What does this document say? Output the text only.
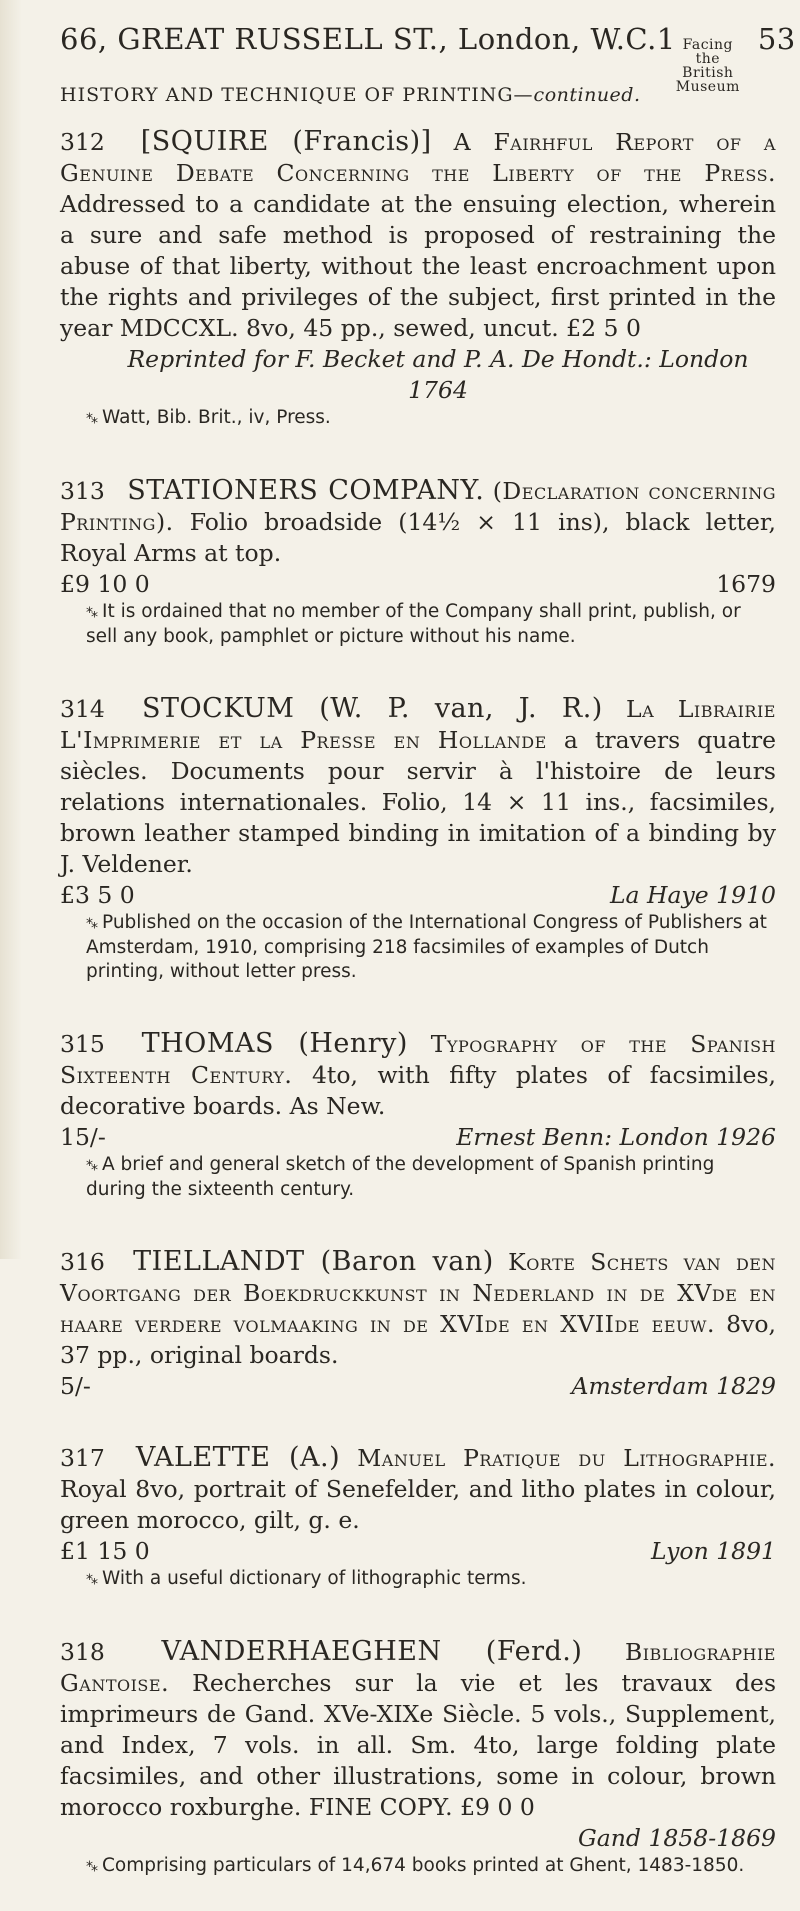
66, GREAT RUSSELL ST., London, W.C.1 Facing the
British Museum
53
HISTORY AND TECHNIQUE OF PRINTING—continued.

312 [SQUIRE (Francis)] A Fairhful Report of a Genuine Debate Concerning the Liberty of the Press. Addressed to a candidate at the ensuing election, wherein a sure and safe method is proposed of restraining the abuse of that liberty, without the least encroachment upon the rights and privileges of the subject, first printed in the year MDCCXL. 8vo, 45 pp., sewed, uncut. £2 5 0

Reprinted for F. Becket and P. A. De Hondt.: London 1764

*⁎ Watt, Bib. Brit., iv, Press.

313 STATIONERS COMPANY. (Declaration concerning Printing). Folio broadside (14½ × 11 ins), black letter, Royal Arms at top.

£9 10 0	1679

*⁎ It is ordained that no member of the Company shall print, publish, or sell any book, pamphlet or picture without his name.

314 STOCKUM (W. P. van, J. R.) La Librairie L'Imprimerie et la Presse en Hollande a travers quatre siècles. Documents pour servir à l'histoire de leurs relations internationales. Folio, 14 × 11 ins., facsimiles, brown leather stamped binding in imitation of a binding by J. Veldener.

£3 5 0	La Haye 1910

*⁎ Published on the occasion of the International Congress of Publishers at Amsterdam, 1910, comprising 218 facsimiles of examples of Dutch printing, without letter press.

315 THOMAS (Henry) Typography of the Spanish Sixteenth Century. 4to, with fifty plates of facsimiles, decorative boards. As New.

15/-	Ernest Benn: London 1926

*⁎ A brief and general sketch of the development of Spanish printing during the sixteenth century.

316 TIELLANDT (Baron van) Korte Schets van den Voortgang der Boekdruckkunst in Nederland in de XVde en haare verdere volmaaking in de XVIde en XVIIde eeuw. 8vo, 37 pp., original boards.

5/-	Amsterdam 1829

317 VALETTE (A.) Manuel Pratique du Lithographie. Royal 8vo, portrait of Senefelder, and litho plates in colour, green morocco, gilt, g. e.

£1 15 0	Lyon 1891

*⁎ With a useful dictionary of lithographic terms.

318 VANDERHAEGHEN (Ferd.) Bibliographie Gantoise. Recherches sur la vie et les travaux des imprimeurs de Gand. XVe-XIXe Siècle. 5 vols., Supplement, and Index, 7 vols. in all. Sm. 4to, large folding plate facsimiles, and other illustrations, some in colour, brown morocco roxburghe. FINE COPY. £9 0 0

Gand 1858-1869

*⁎ Comprising particulars of 14,674 books printed at Ghent, 1483-1850.
